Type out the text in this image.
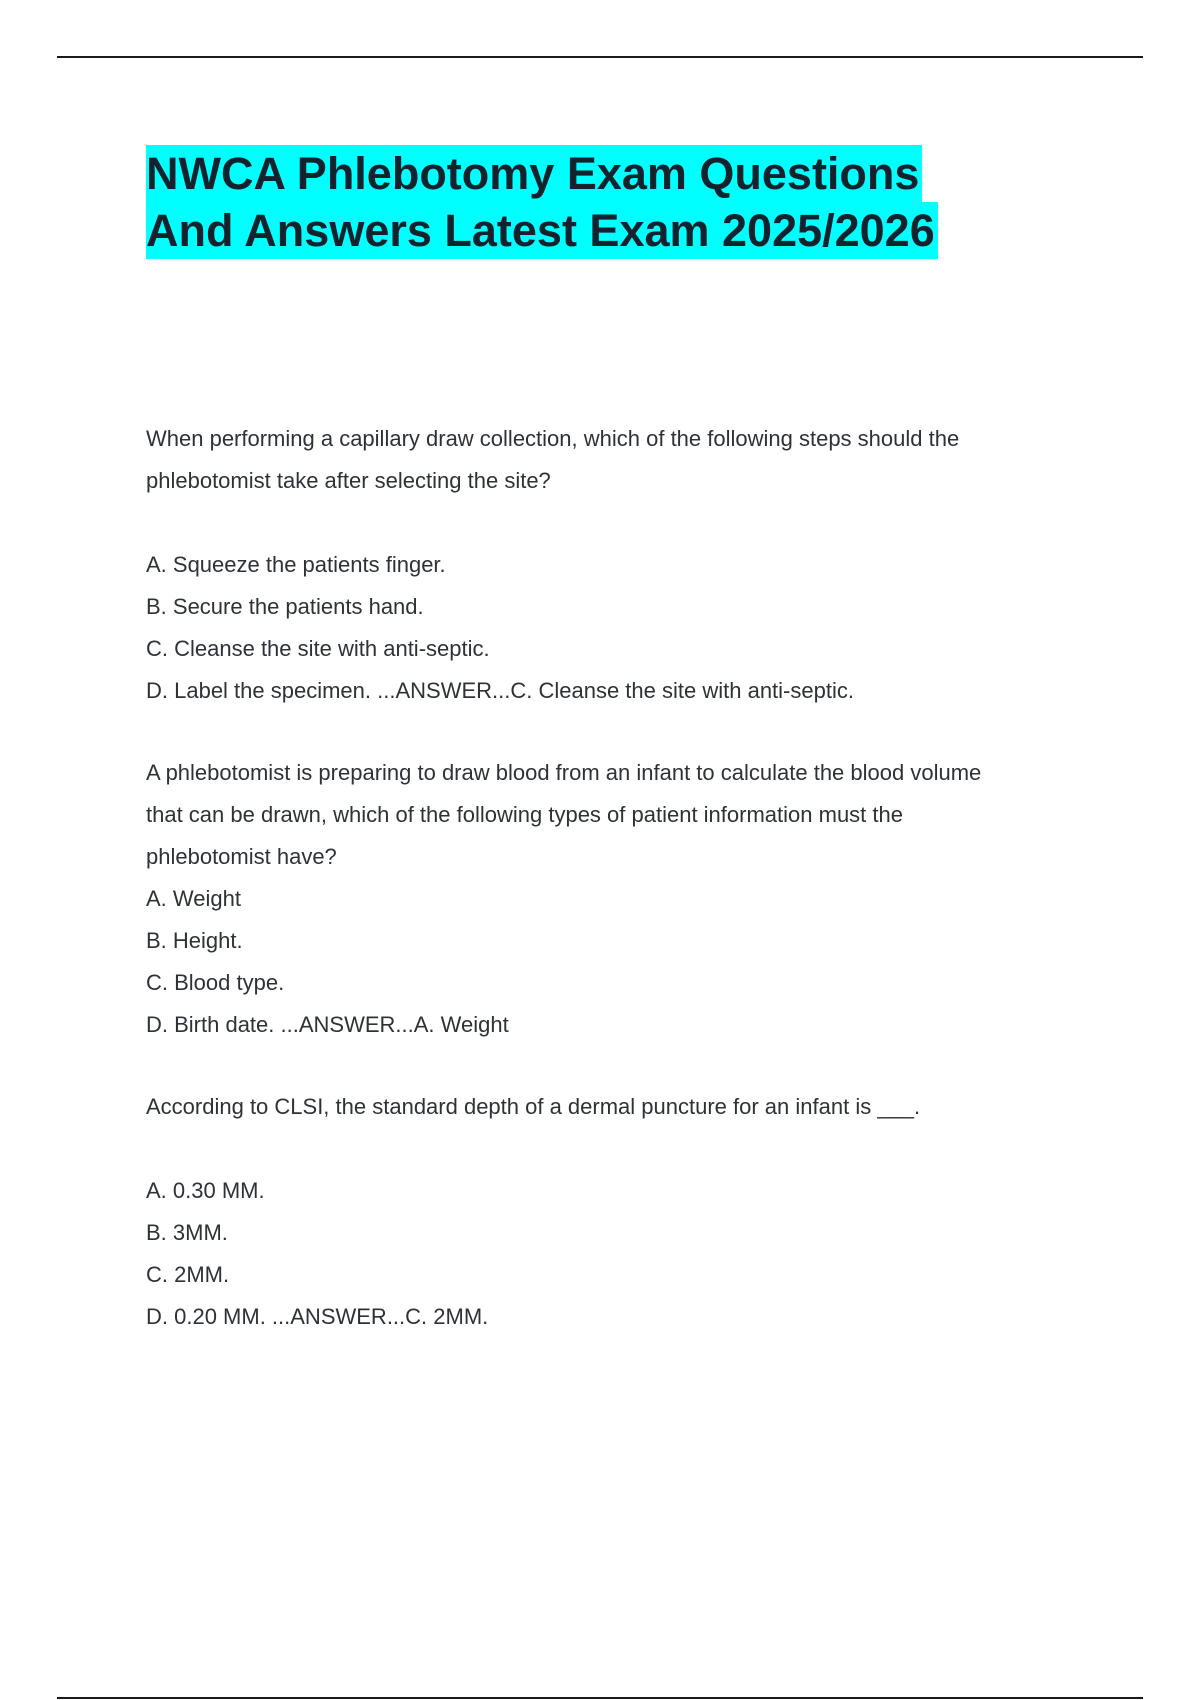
NWCA Phlebotomy Exam Questions
And Answers Latest Exam 2025/2026
When performing a capillary draw collection, which of the following steps should the
phlebotomist take after selecting the site?
A. Squeeze the patients finger.
B. Secure the patients hand.
C. Cleanse the site with anti-septic.
D. Label the specimen. ...ANSWER...C. Cleanse the site with anti-septic.
A phlebotomist is preparing to draw blood from an infant to calculate the blood volume
that can be drawn, which of the following types of patient information must the
phlebotomist have?
A. Weight
B. Height.
C. Blood type.
D. Birth date. ...ANSWER...A. Weight
According to CLSI, the standard depth of a dermal puncture for an infant is ___.
A. 0.30 MM.
B. 3MM.
C. 2MM.
D. 0.20 MM. ...ANSWER...C. 2MM.
